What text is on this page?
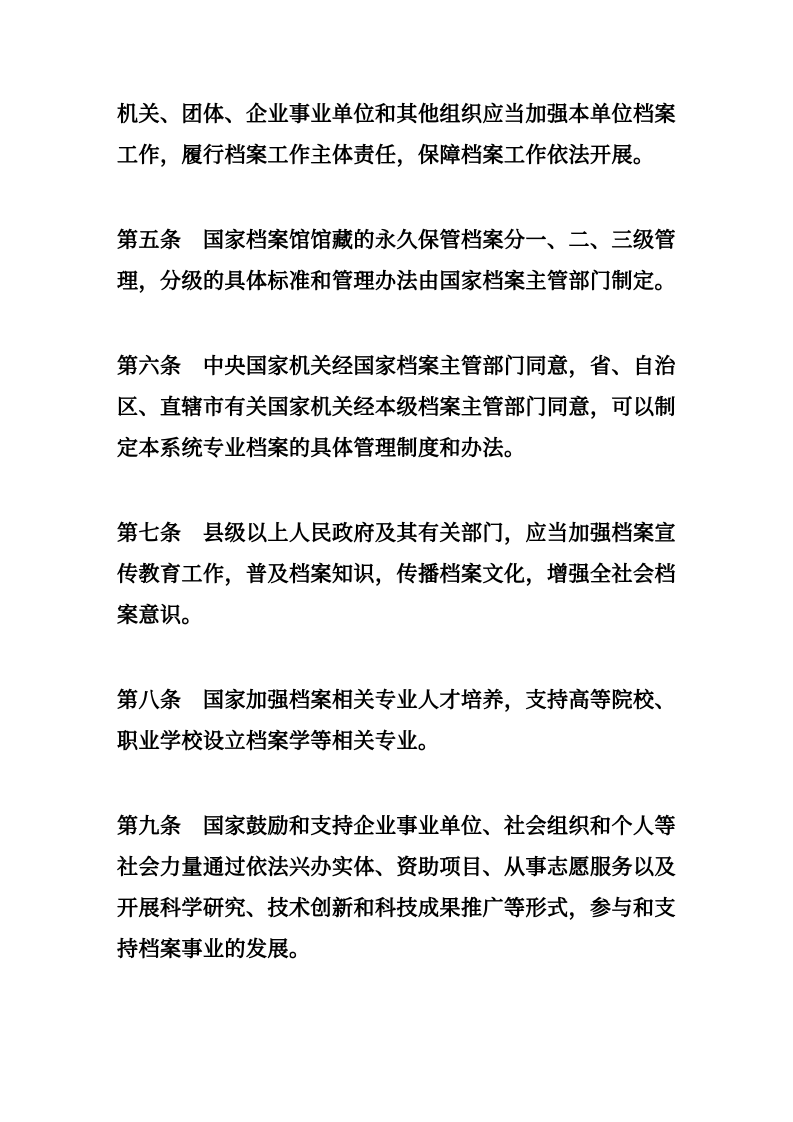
机关、团体、企业事业单位和其他组织应当加强本单位档案工作，履行档案工作主体责任，保障档案工作依法开展。

第五条　国家档案馆馆藏的永久保管档案分一、二、三级管理，分级的具体标准和管理办法由国家档案主管部门制定。

第六条　中央国家机关经国家档案主管部门同意，省、自治区、直辖市有关国家机关经本级档案主管部门同意，可以制定本系统专业档案的具体管理制度和办法。

第七条　县级以上人民政府及其有关部门，应当加强档案宣传教育工作，普及档案知识，传播档案文化，增强全社会档案意识。

第八条　国家加强档案相关专业人才培养，支持高等院校、职业学校设立档案学等相关专业。

第九条　国家鼓励和支持企业事业单位、社会组织和个人等社会力量通过依法兴办实体、资助项目、从事志愿服务以及开展科学研究、技术创新和科技成果推广等形式，参与和支持档案事业的发展。
